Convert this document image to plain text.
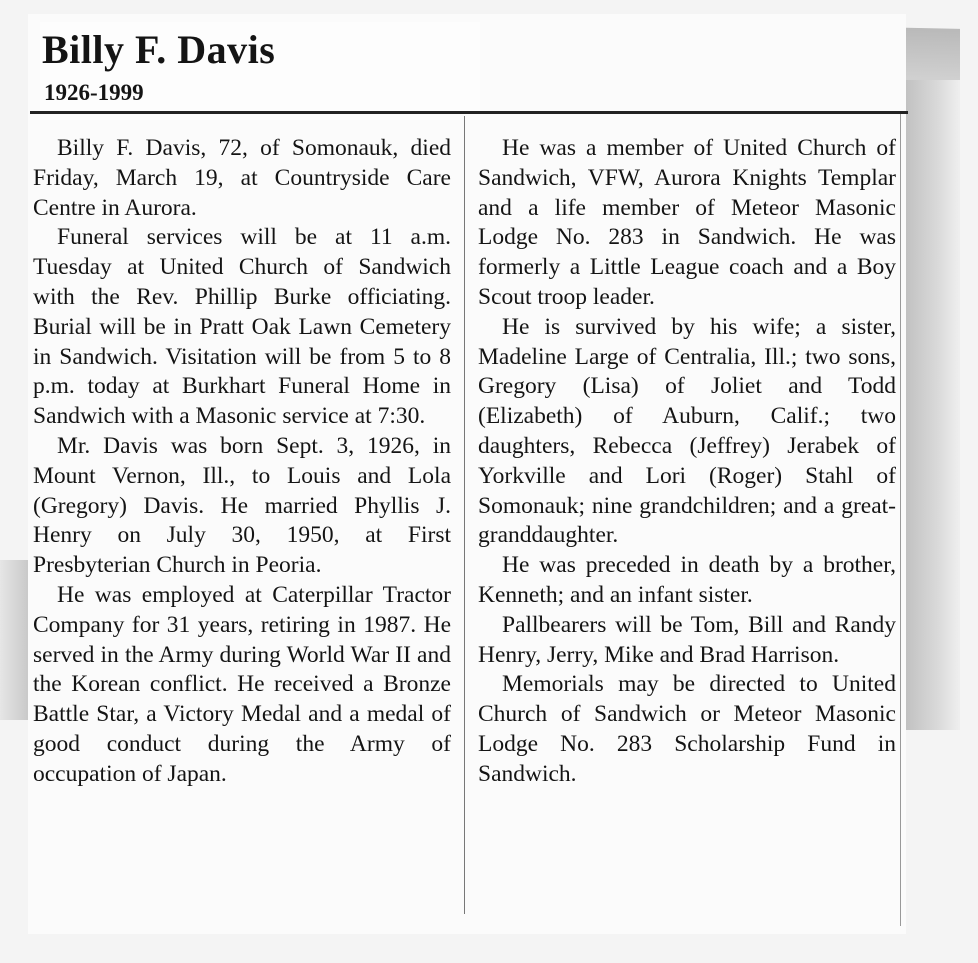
Billy F. Davis
1926-1999

Billy F. Davis, 72, of Somonauk, died Friday, March 19, at Countryside Care Centre in Aurora.

Funeral services will be at 11 a.m. Tuesday at United Church of Sandwich with the Rev. Phillip Burke officiating. Burial will be in Pratt Oak Lawn Cemetery in Sandwich. Visitation will be from 5 to 8 p.m. today at Burkhart Funeral Home in Sandwich with a Masonic service at 7:30.

Mr. Davis was born Sept. 3, 1926, in Mount Vernon, Ill., to Louis and Lola (Gregory) Davis. He married Phyllis J. Henry on July 30, 1950, at First Presbyterian Church in Peoria.

He was employed at Caterpillar Tractor Company for 31 years, retiring in 1987. He served in the Army during World War II and the Korean conflict. He received a Bronze Battle Star, a Victory Medal and a medal of good conduct during the Army of occupation of Japan.

He was a member of United Church of Sandwich, VFW, Aurora Knights Templar and a life member of Meteor Masonic Lodge No. 283 in Sandwich. He was formerly a Little League coach and a Boy Scout troop leader.

He is survived by his wife; a sister, Madeline Large of Centralia, Ill.; two sons, Gregory (Lisa) of Joliet and Todd (Elizabeth) of Auburn, Calif.; two daughters, Rebecca (Jeffrey) Jerabek of Yorkville and Lori (Roger) Stahl of Somonauk; nine grandchildren; and a great-granddaughter.

He was preceded in death by a brother, Kenneth; and an infant sister.

Pallbearers will be Tom, Bill and Randy Henry, Jerry, Mike and Brad Harrison.

Memorials may be directed to United Church of Sandwich or Meteor Masonic Lodge No. 283 Scholarship Fund in Sandwich.
